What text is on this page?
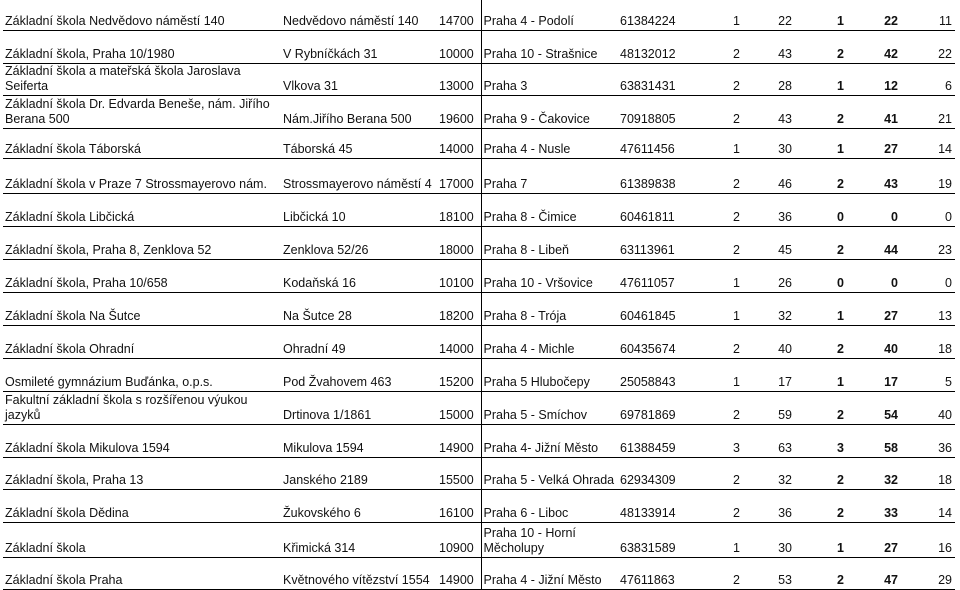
Základní škola Nedvědovo náměstí 140	Nedvědovo náměstí 140	14700	Praha 4 - Podolí	61384224	1	22	1	22	11
Základní škola, Praha 10/1980	V Rybníčkách 31	10000	Praha 10 - Strašnice	48132012	2	43	2	42	22
Základní škola a mateřská škola Jaroslava Seiferta	Vlkova 31	13000	Praha 3	63831431	2	28	1	12	6
Základní škola Dr. Edvarda Beneše, nám. Jiřího Berana 500	Nám.Jiřího Berana 500	19600	Praha 9 - Čakovice	70918805	2	43	2	41	21
Základní škola Táborská	Táborská 45	14000	Praha 4 - Nusle	47611456	1	30	1	27	14
Základní škola v Praze 7 Strossmayerovo nám.	Strossmayerovo náměstí 4	17000	Praha 7	61389838	2	46	2	43	19
Základní škola Libčická	Libčická 10	18100	Praha 8 - Čimice	60461811	2	36	0	0	0
Základní škola, Praha 8, Zenklova 52	Zenklova 52/26	18000	Praha 8 - Libeň	63113961	2	45	2	44	23
Základní škola, Praha 10/658	Kodaňská 16	10100	Praha 10 - Vršovice	47611057	1	26	0	0	0
Základní škola Na Šutce	Na Šutce 28	18200	Praha 8 - Trója	60461845	1	32	1	27	13
Základní škola Ohradní	Ohradní 49	14000	Praha 4 - Michle	60435674	2	40	2	40	18
Osmileté gymnázium Buďánka, o.p.s.	Pod Žvahovem 463	15200	Praha 5 Hlubočepy	25058843	1	17	1	17	5
Fakultní základní škola s rozšířenou výukou jazyků	Drtinova 1/1861	15000	Praha 5 - Smíchov	69781869	2	59	2	54	40
Základní škola Mikulova 1594	Mikulova 1594	14900	Praha 4- Jižní Město	61388459	3	63	3	58	36
Základní škola, Praha 13	Janského 2189	15500	Praha 5 - Velká Ohrada	62934309	2	32	2	32	18
Základní škola Dědina	Žukovského 6	16100	Praha 6 - Liboc	48133914	2	36	2	33	14
Základní škola	Křimická 314	10900	Praha 10 - Horní Měcholupy	63831589	1	30	1	27	16
Základní škola Praha	Květnového vítězství 1554	14900	Praha 4 - Jižní Město	47611863	2	53	2	47	29
